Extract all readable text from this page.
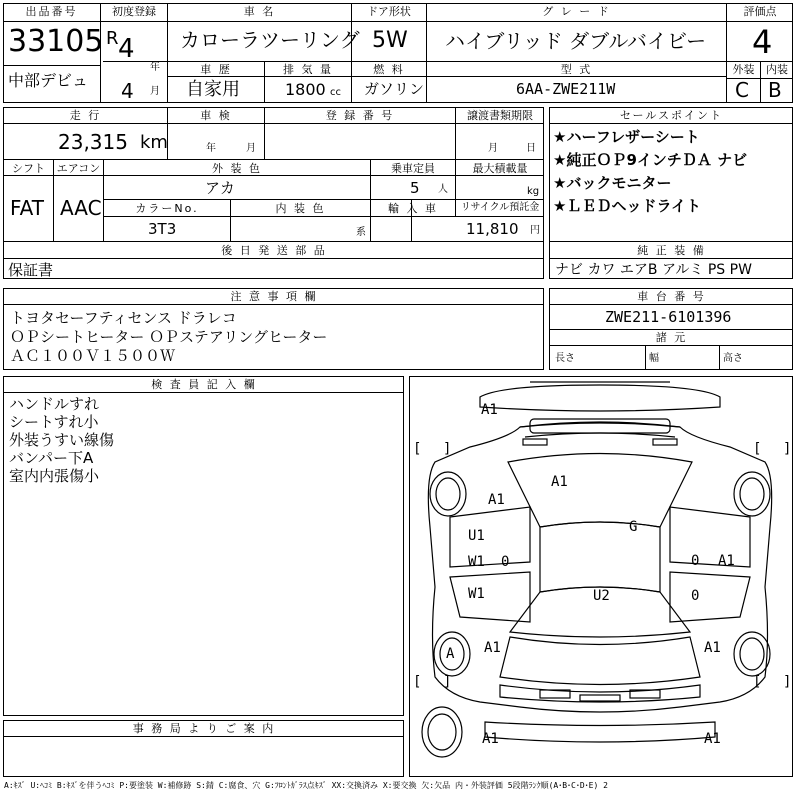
出品番号
33105
中部デビュ
初度登録
R 4
年
4 月
車 名
カローラツーリング
ドア形状
5W
グ レ ー ド
ハイブリッド ダブルバイビー
評価点
4
車 歴
自家用
排 気 量
1800 cc
燃 料
ガソリン
型 式
6AA-ZWE211W
外装	内装
C B
走 行
23,315 km
車 検
年	月
登 録 番 号	譲渡書類期限
月	日
シフト
FAT
エアコン
AAC
外 装 色
アカ
乗車定員
5 人
最大積載量
kg
カラーNo.
3T3
内 装 色
系
輸 入 車	リサイクル預託金
11,810 円
後 日 発 送 部 品
保証書
セールスポイント
★ハーフレザーシート
★純正ＯＰ9インチＤＡ ナビ
★バックモニター
★ＬＥＤヘッドライト
純 正 装 備
ナビ カワ エアB アルミ PS PW
注 意 事 項 欄
トヨタセーフティセンス ドラレコ
ＯＰシートヒーター ＯＰステアリングヒーター
ＡＣ１００Ｖ１５００Ｗ
車 台 番 号
ZWE211-6101396
諸 元
長さ	幅	高さ
検 査 員 記 入 欄
ハンドルすれ
シートすれ小
外装うすい線傷
バンパー下A
室内内張傷小
事 務 局 よ り ご 案 内
[ ]	[ ]
[ ]	[ ]
A1
A1
A1
U1
W1 0
W1
G
0 A1
U2	0
A A1	A1
A1	A1
A:ｷｽﾞ U:ﾍｺﾐ B:ｷｽﾞを伴うﾍｺﾐ P:要塗装 W:補修跡 S:錆 C:腐食、穴 G:ﾌﾛﾝﾄｶﾞﾗｽ点ｷｽﾞ XX:交換済み X:要交換 欠:欠品 内・外装評価 5段階ﾗﾝｸ順(A･B･C･D･E) 2
